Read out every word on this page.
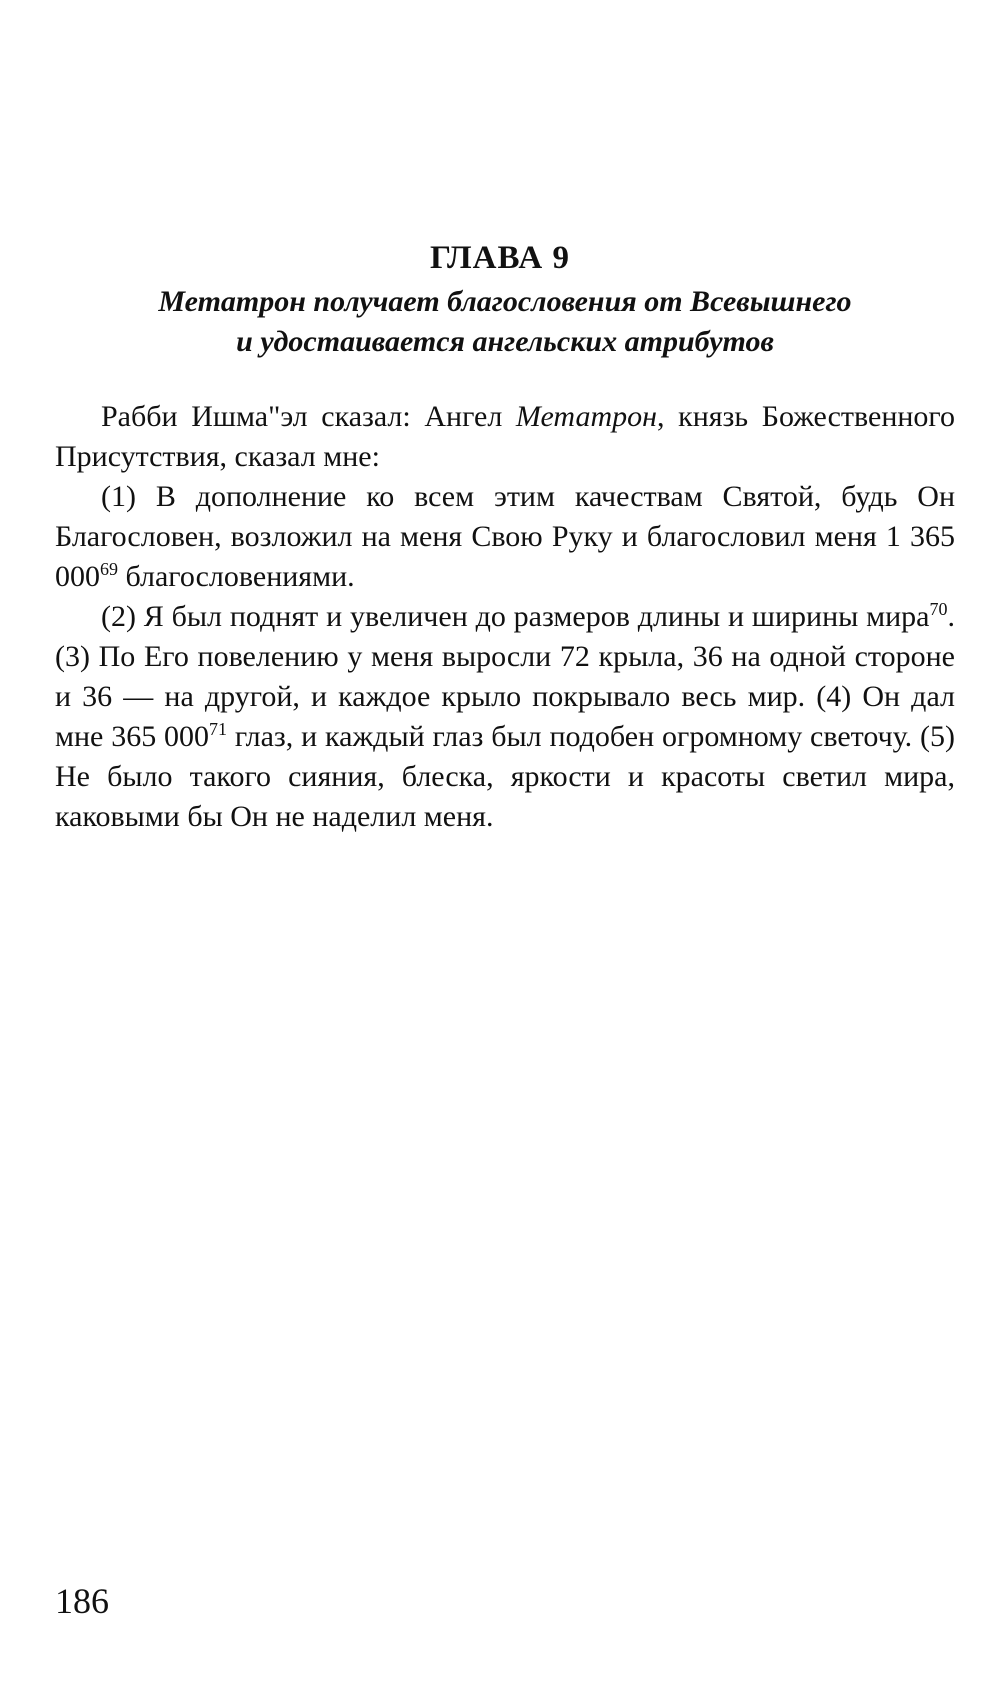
ГЛАВА 9
Метатрон получает благословения от Всевышнего
и удостаивается ангельских атрибутов

Рабби Ишма"эл сказал: Ангел Метатрон, князь Божественного Присутствия, сказал мне:

(1) В дополнение ко всем этим качествам Святой, будь Он Благословен, возложил на меня Свою Руку и благословил меня 1 365 $000^{69}$ благословениями.

(2) Я был поднят и увеличен до размеров длины и ширины мира$^{70}$. (3) По Его повелению у меня выросли 72 крыла, 36 на одной стороне и 36 — на другой, и каждое крыло покрывало весь мир. (4) Он дал мне 365 $000^{71}$ глаз, и каждый глаз был подобен огромному светочу. (5) Не было такого сияния, блеска, яркости и красоты светил мира, каковыми бы Он не наделил меня.

186
